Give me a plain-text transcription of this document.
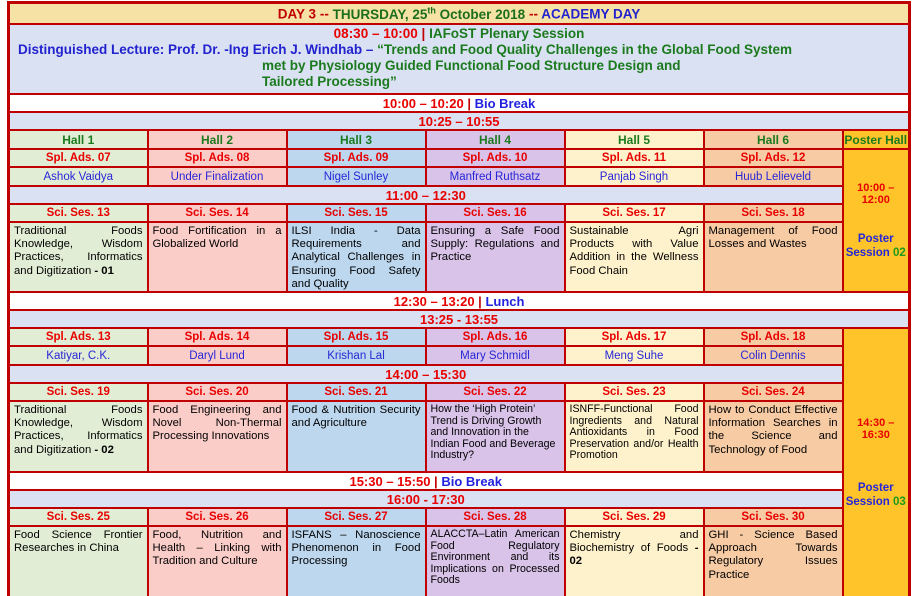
DAY 3 -- THURSDAY, 25th October 2018 -- ACADEMY DAY						

08:30 – 10:00 | IAFoST Plenary Session
Distinguished Lecture: Prof. Dr. -Ing Erich J. Windhab – “Trends and Food Quality Challenges in the Global Food System
met by Physiology Guided Functional Food Structure Design and
Tailored Processing”						

10:00 – 10:20 | Bio Break						
10:25 – 10:55						
Hall 1	Hall 2	Hall 3	Hall 4	Hall 5	Hall 6	Poster Hall
Spl. Ads. 07	Spl. Ads. 08	Spl. Ads. 09	Spl. Ads. 10	Spl. Ads. 11	Spl. Ads. 12	10:00 – 12:00
Poster
Session 02

Ashok Vaidya	Under Finalization	Nigel Sunley	Manfred Ruthsatz	Panjab Singh	Huub Lelieveld	
11:00 – 12:30						
Sci. Ses. 13	Sci. Ses. 14	Sci. Ses. 15	Sci. Ses. 16	Sci. Ses. 17	Sci. Ses. 18	
Traditional Foods Knowledge, Wisdom Practices, Informatics and Digitization - 01	Food Fortification in a Globalized World	ILSI India - Data Requirements and Analytical Challenges in Ensuring Food Safety and Quality	Ensuring a Safe Food Supply: Regulations and Practice	Sustainable Agri Products with Value Addition in the Wellness Food Chain	Management of Food Losses and Wastes	
12:30 – 13:20 | Lunch						
13:25 - 13:55						
Spl. Ads. 13	Spl. Ads. 14	Spl. Ads. 15	Spl. Ads. 16	Spl. Ads. 17	Spl. Ads. 18	14:30 – 16:30
Poster
Session 03

Katiyar, C.K.	Daryl Lund	Krishan Lal	Mary Schmidl	Meng Suhe	Colin Dennis	
14:00 – 15:30						
Sci. Ses. 19	Sci. Ses. 20	Sci. Ses. 21	Sci. Ses. 22	Sci. Ses. 23	Sci. Ses. 24	
Traditional Foods Knowledge, Wisdom Practices, Informatics and Digitization - 02	Food Engineering and Novel Non-Thermal Processing Innovations	Food & Nutrition Security and Agriculture	How the ‘High Protein’ Trend is Driving Growth and Innovation in the Indian Food and Beverage Industry?	ISNFF-Functional Food Ingredients and Natural Antioxidants in Food Preservation and/or Health Promotion	How to Conduct Effective Information Searches in the Science and Technology of Food	
15:30 – 15:50 | Bio Break						
16:00 - 17:30						
Sci. Ses. 25	Sci. Ses. 26	Sci. Ses. 27	Sci. Ses. 28	Sci. Ses. 29	Sci. Ses. 30	
Food Science Frontier Researches in China	Food, Nutrition and Health – Linking with Tradition and Culture	ISFANS – Nanoscience Phenomenon in Food Processing	ALACCTA–Latin American Food Regulatory Environment and its Implications on Processed Foods	Chemistry and Biochemistry of Foods - 02	GHI - Science Based Approach Towards Regulatory Issues Practice	
